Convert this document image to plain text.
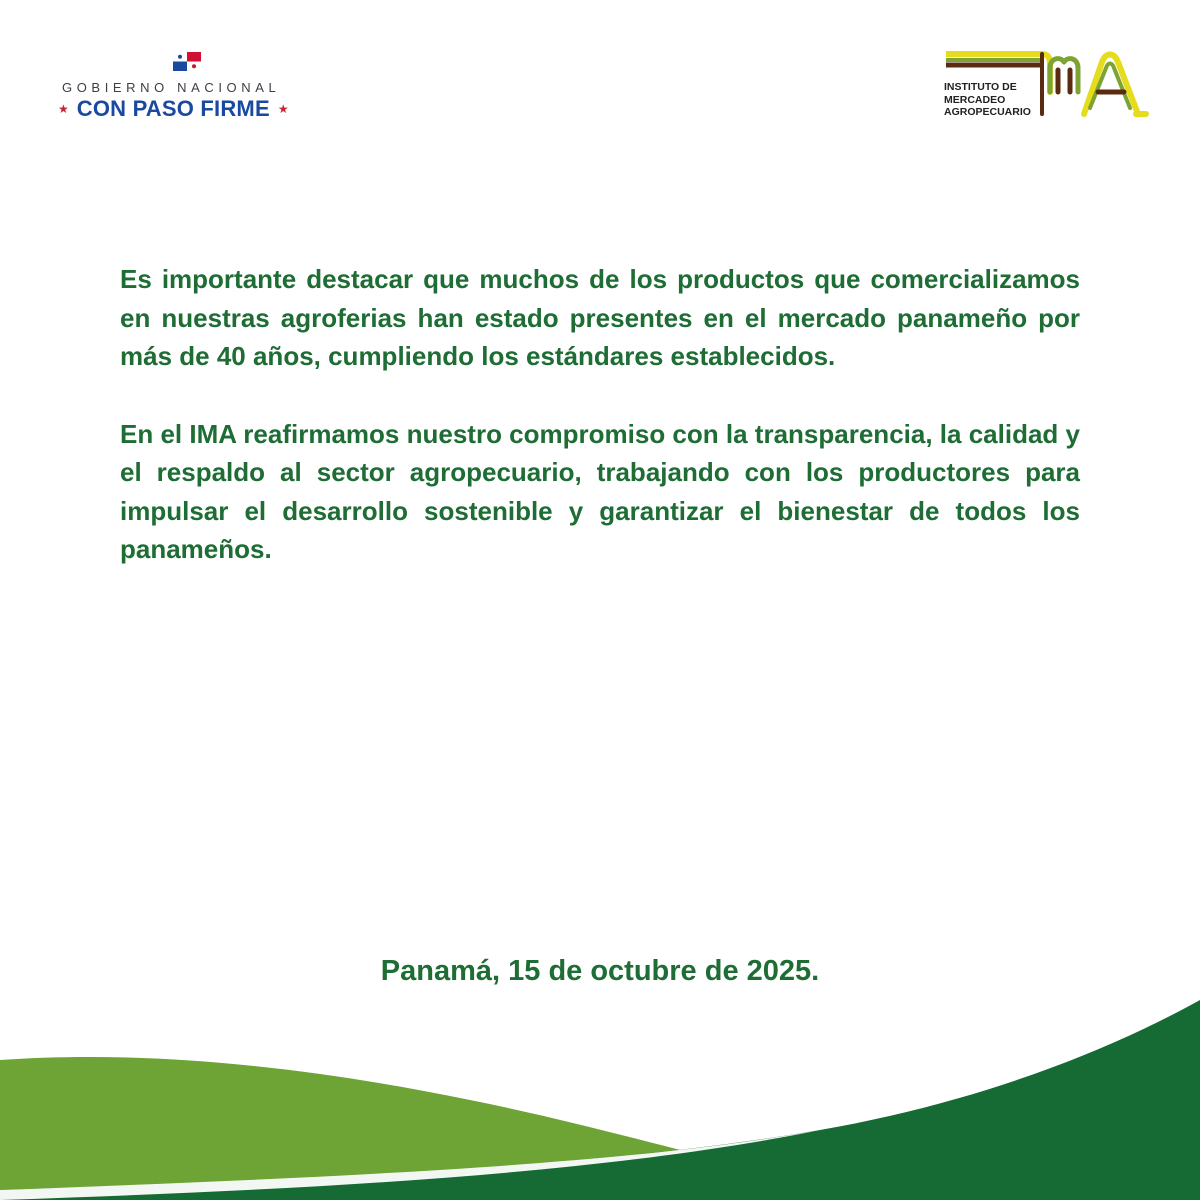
GOBIERNO NACIONAL
★ CON PASO FIRME ★
INSTITUTO DE
MERCADEO
AGROPECUARIO

Es importante destacar que muchos de los productos que comercializamos en nuestras agroferias han estado presentes en el mercado panameño por más de 40 años, cumpliendo los estándares establecidos.

En el IMA reafirmamos nuestro compromiso con la transparencia, la calidad y el respaldo al sector agropecuario, trabajando con los productores para impulsar el desarrollo sostenible y garantizar el bienestar de todos los panameños.

Panamá, 15 de octubre de 2025.
